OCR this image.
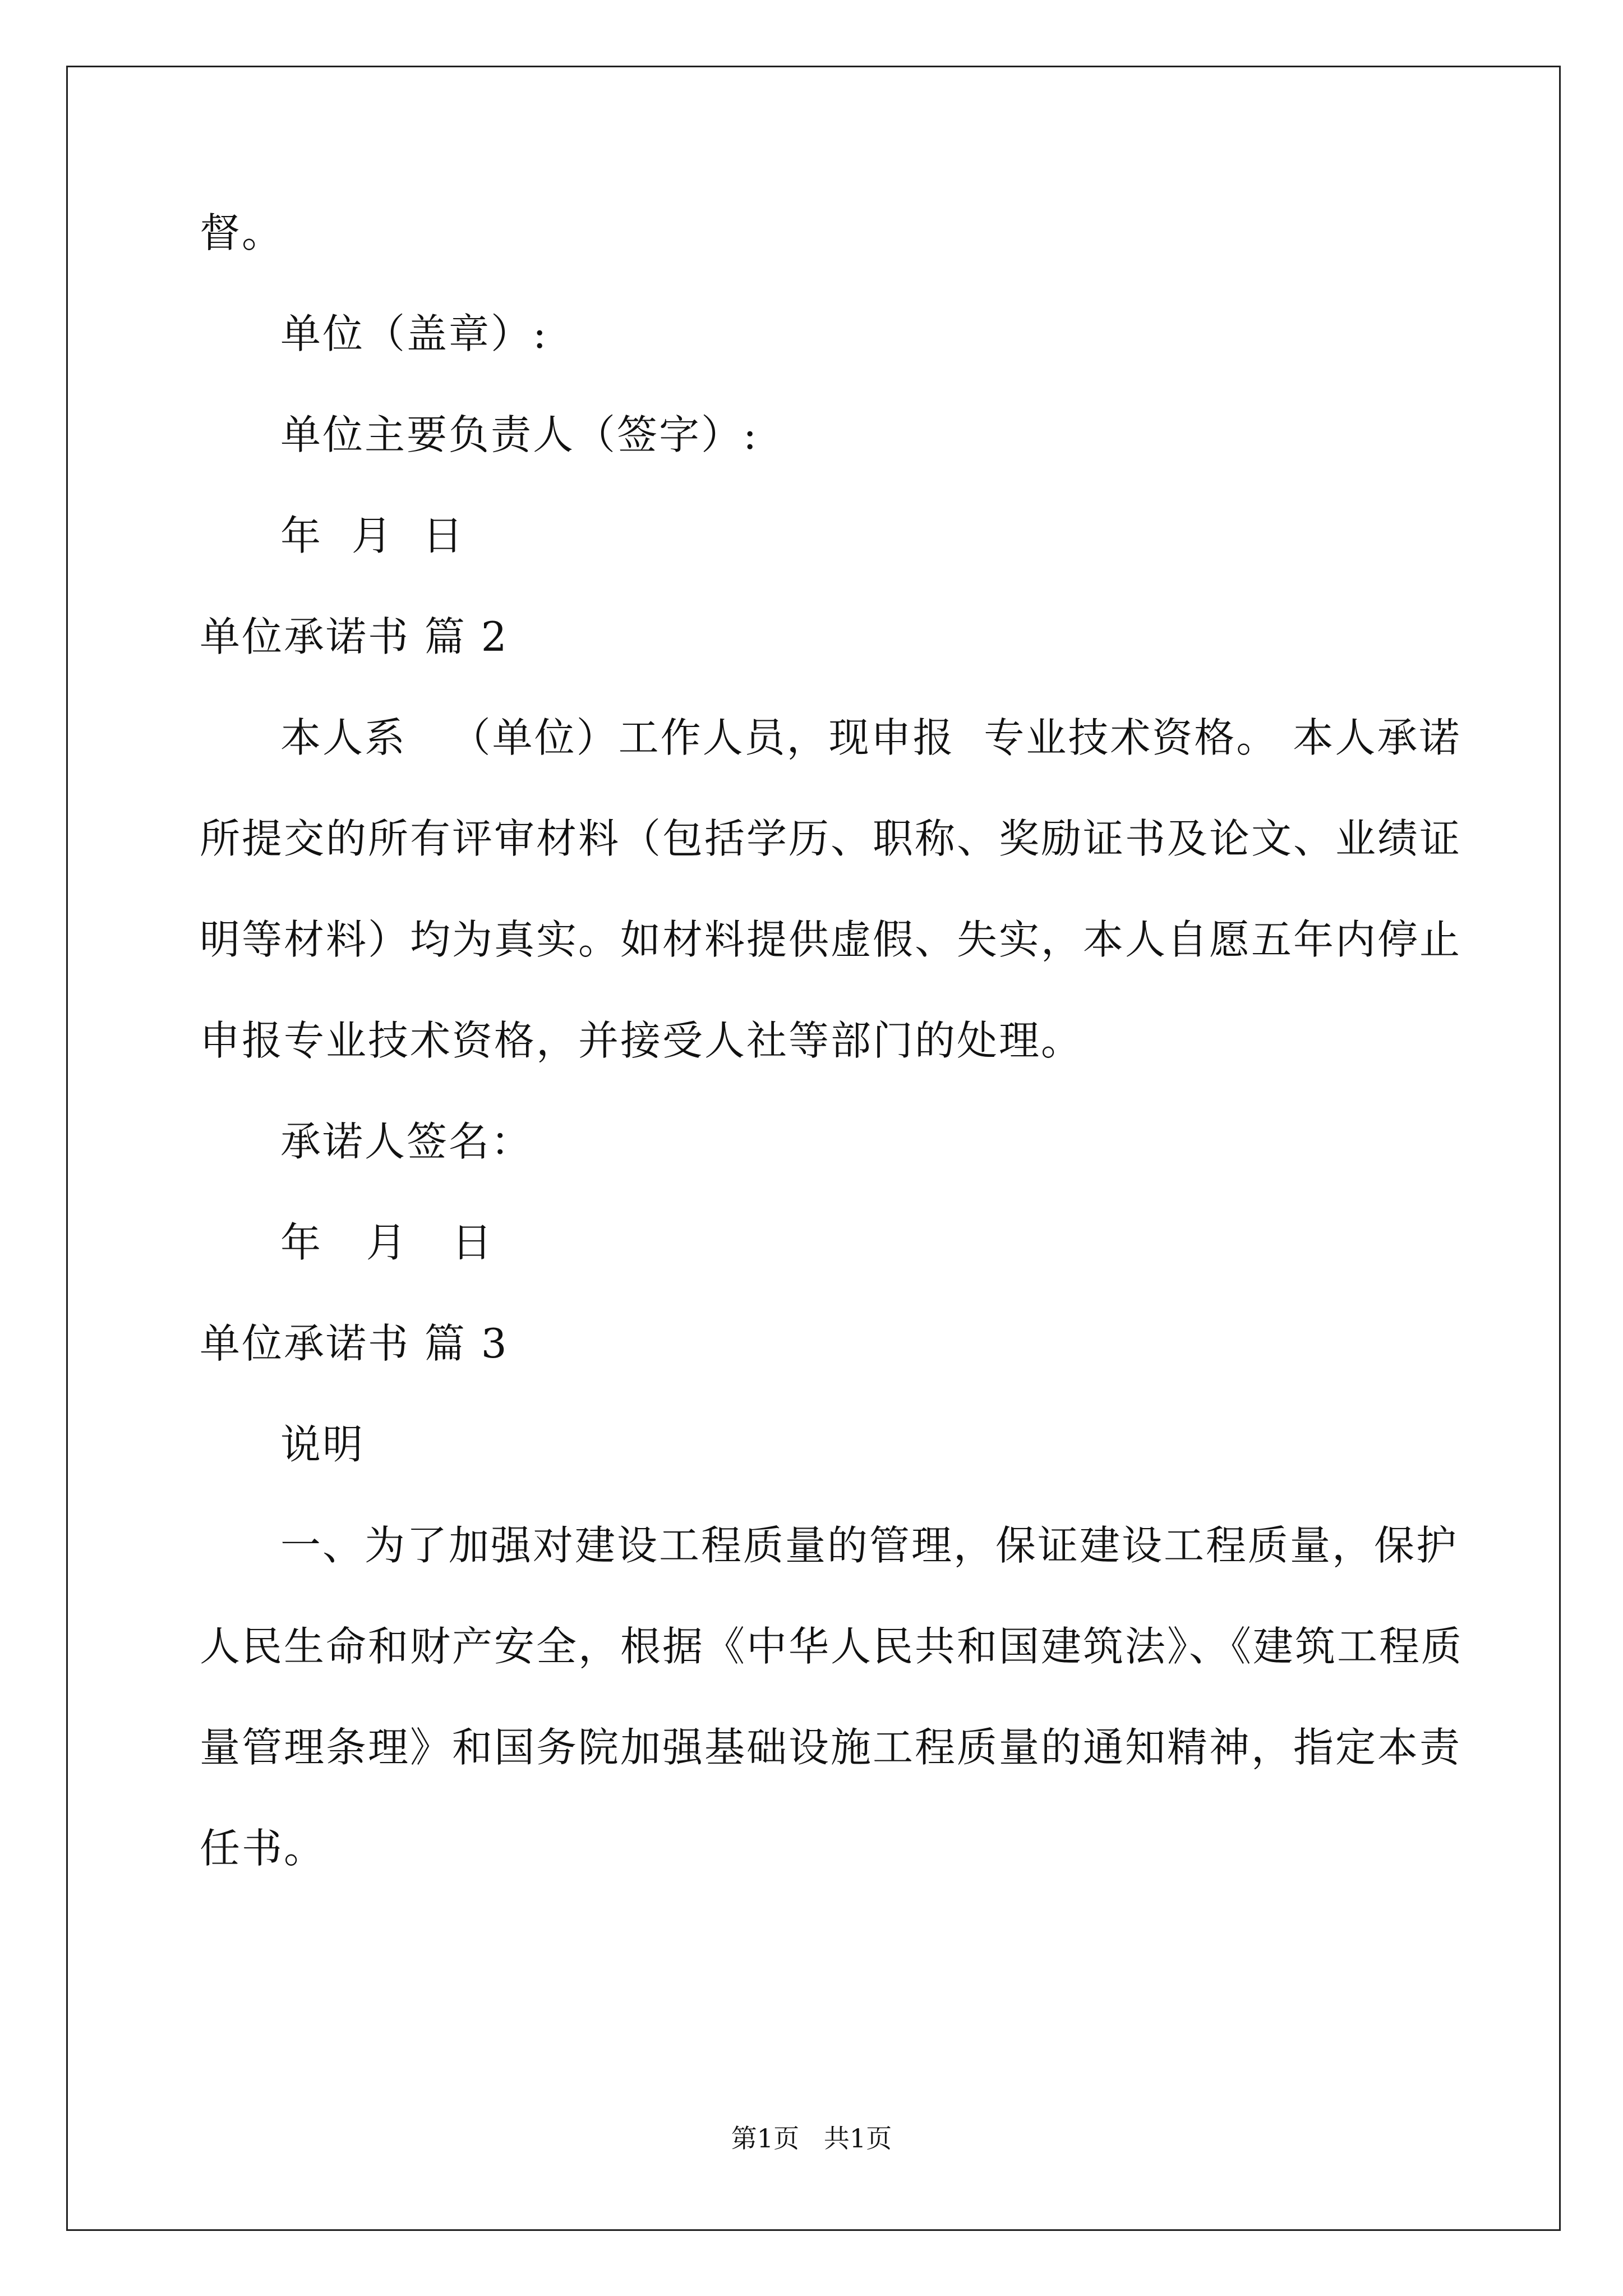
督。
单位（盖章）:
单位主要负责人（签字）:
年  月  日
单位承诺书 篇 2
本人系   （单位）工作人员，现申报  专业技术资格。 本人承诺
所提交的所有评审材料（包括学历、职称、奖励证书及论文、业绩证
明等材料）均为真实。如材料提供虚假、失实，本人自愿五年内停止
申报专业技术资格，并接受人社等部门的处理。
承诺人签名：
年   月   日
单位承诺书 篇 3
说明
一、为了加强对建设工程质量的管理，保证建设工程质量，保护
人民生命和财产安全，根据《中华人民共和国建筑法》、《建筑工程质
量管理条理》和国务院加强基础设施工程质量的通知精神，指定本责
任书。
第1页   共1页
